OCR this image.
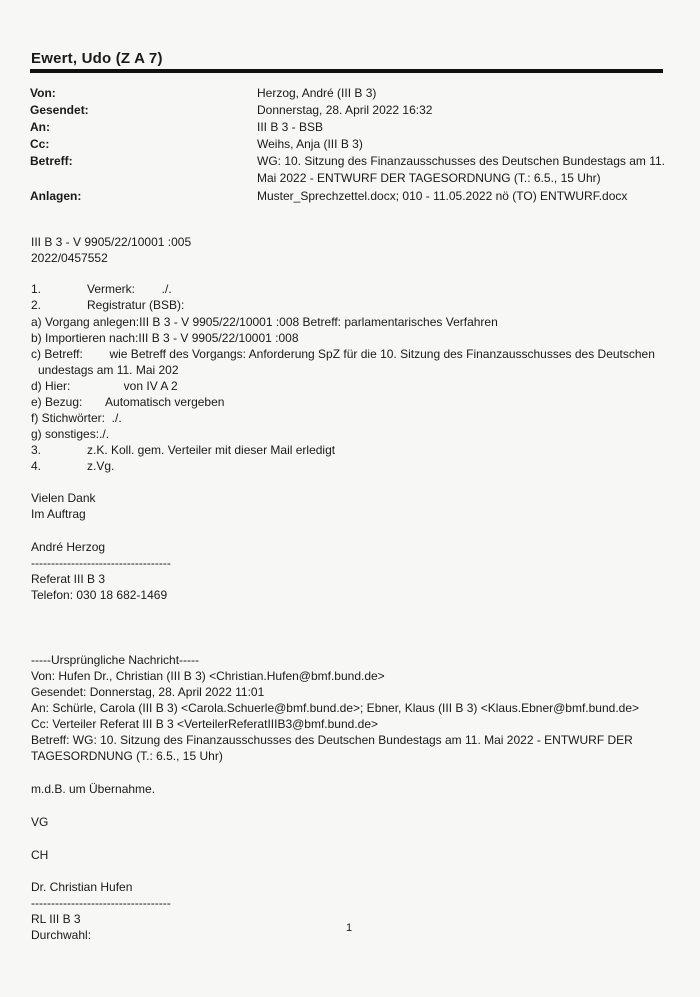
Ewert, Udo (Z A 7)
Von:	Herzog, André (III B 3)
Gesendet:	Donnerstag, 28. April 2022 16:32
An:	III B 3 - BSB
Cc:	Weihs, Anja (III B 3)
Betreff:	WG: 10. Sitzung des Finanzausschusses des Deutschen Bundestags am 11.
Mai 2022 - ENTWURF DER TAGESORDNUNG (T.: 6.5., 15 Uhr)
Anlagen:	Muster_Sprechzettel.docx; 010 - 11.05.2022 nö (TO) ENTWURF.docx
III B 3 - V 9905/22/10001 :005
2022/0457552
1.	Vermerk:        ./.
2.	Registratur (BSB):
a) Vorgang anlegen:III B 3 - V 9905/22/10001 :008 Betreff: parlamentarisches Verfahren
b) Importieren nach:III B 3 - V 9905/22/10001 :008
c) Betreff:        wie Betreff des Vorgangs: Anforderung SpZ für die 10. Sitzung des Finanzausschusses des Deutschen
undestags am 11. Mai 202
d) Hier:                von IV A 2
e) Bezug:       Automatisch vergeben
f) Stichwörter:  ./.
g) sonstiges:./.
3.	z.K. Koll. gem. Verteiler mit dieser Mail erledigt
4.	z.Vg.
Vielen Dank
Im Auftrag
André Herzog
-----------------------------------
Referat III B 3
Telefon: 030 18 682-1469
-----Ursprüngliche Nachricht-----
Von: Hufen Dr., Christian (III B 3) <Christian.Hufen@bmf.bund.de>
Gesendet: Donnerstag, 28. April 2022 11:01
An: Schürle, Carola (III B 3) <Carola.Schuerle@bmf.bund.de>; Ebner, Klaus (III B 3) <Klaus.Ebner@bmf.bund.de>
Cc: Verteiler Referat III B 3 <VerteilerReferatIIIB3@bmf.bund.de>
Betreff: WG: 10. Sitzung des Finanzausschusses des Deutschen Bundestags am 11. Mai 2022 - ENTWURF DER
TAGESORDNUNG (T.: 6.5., 15 Uhr)
m.d.B. um Übernahme.
VG
CH
Dr. Christian Hufen
-----------------------------------
RL III B 3
Durchwahl:	1
